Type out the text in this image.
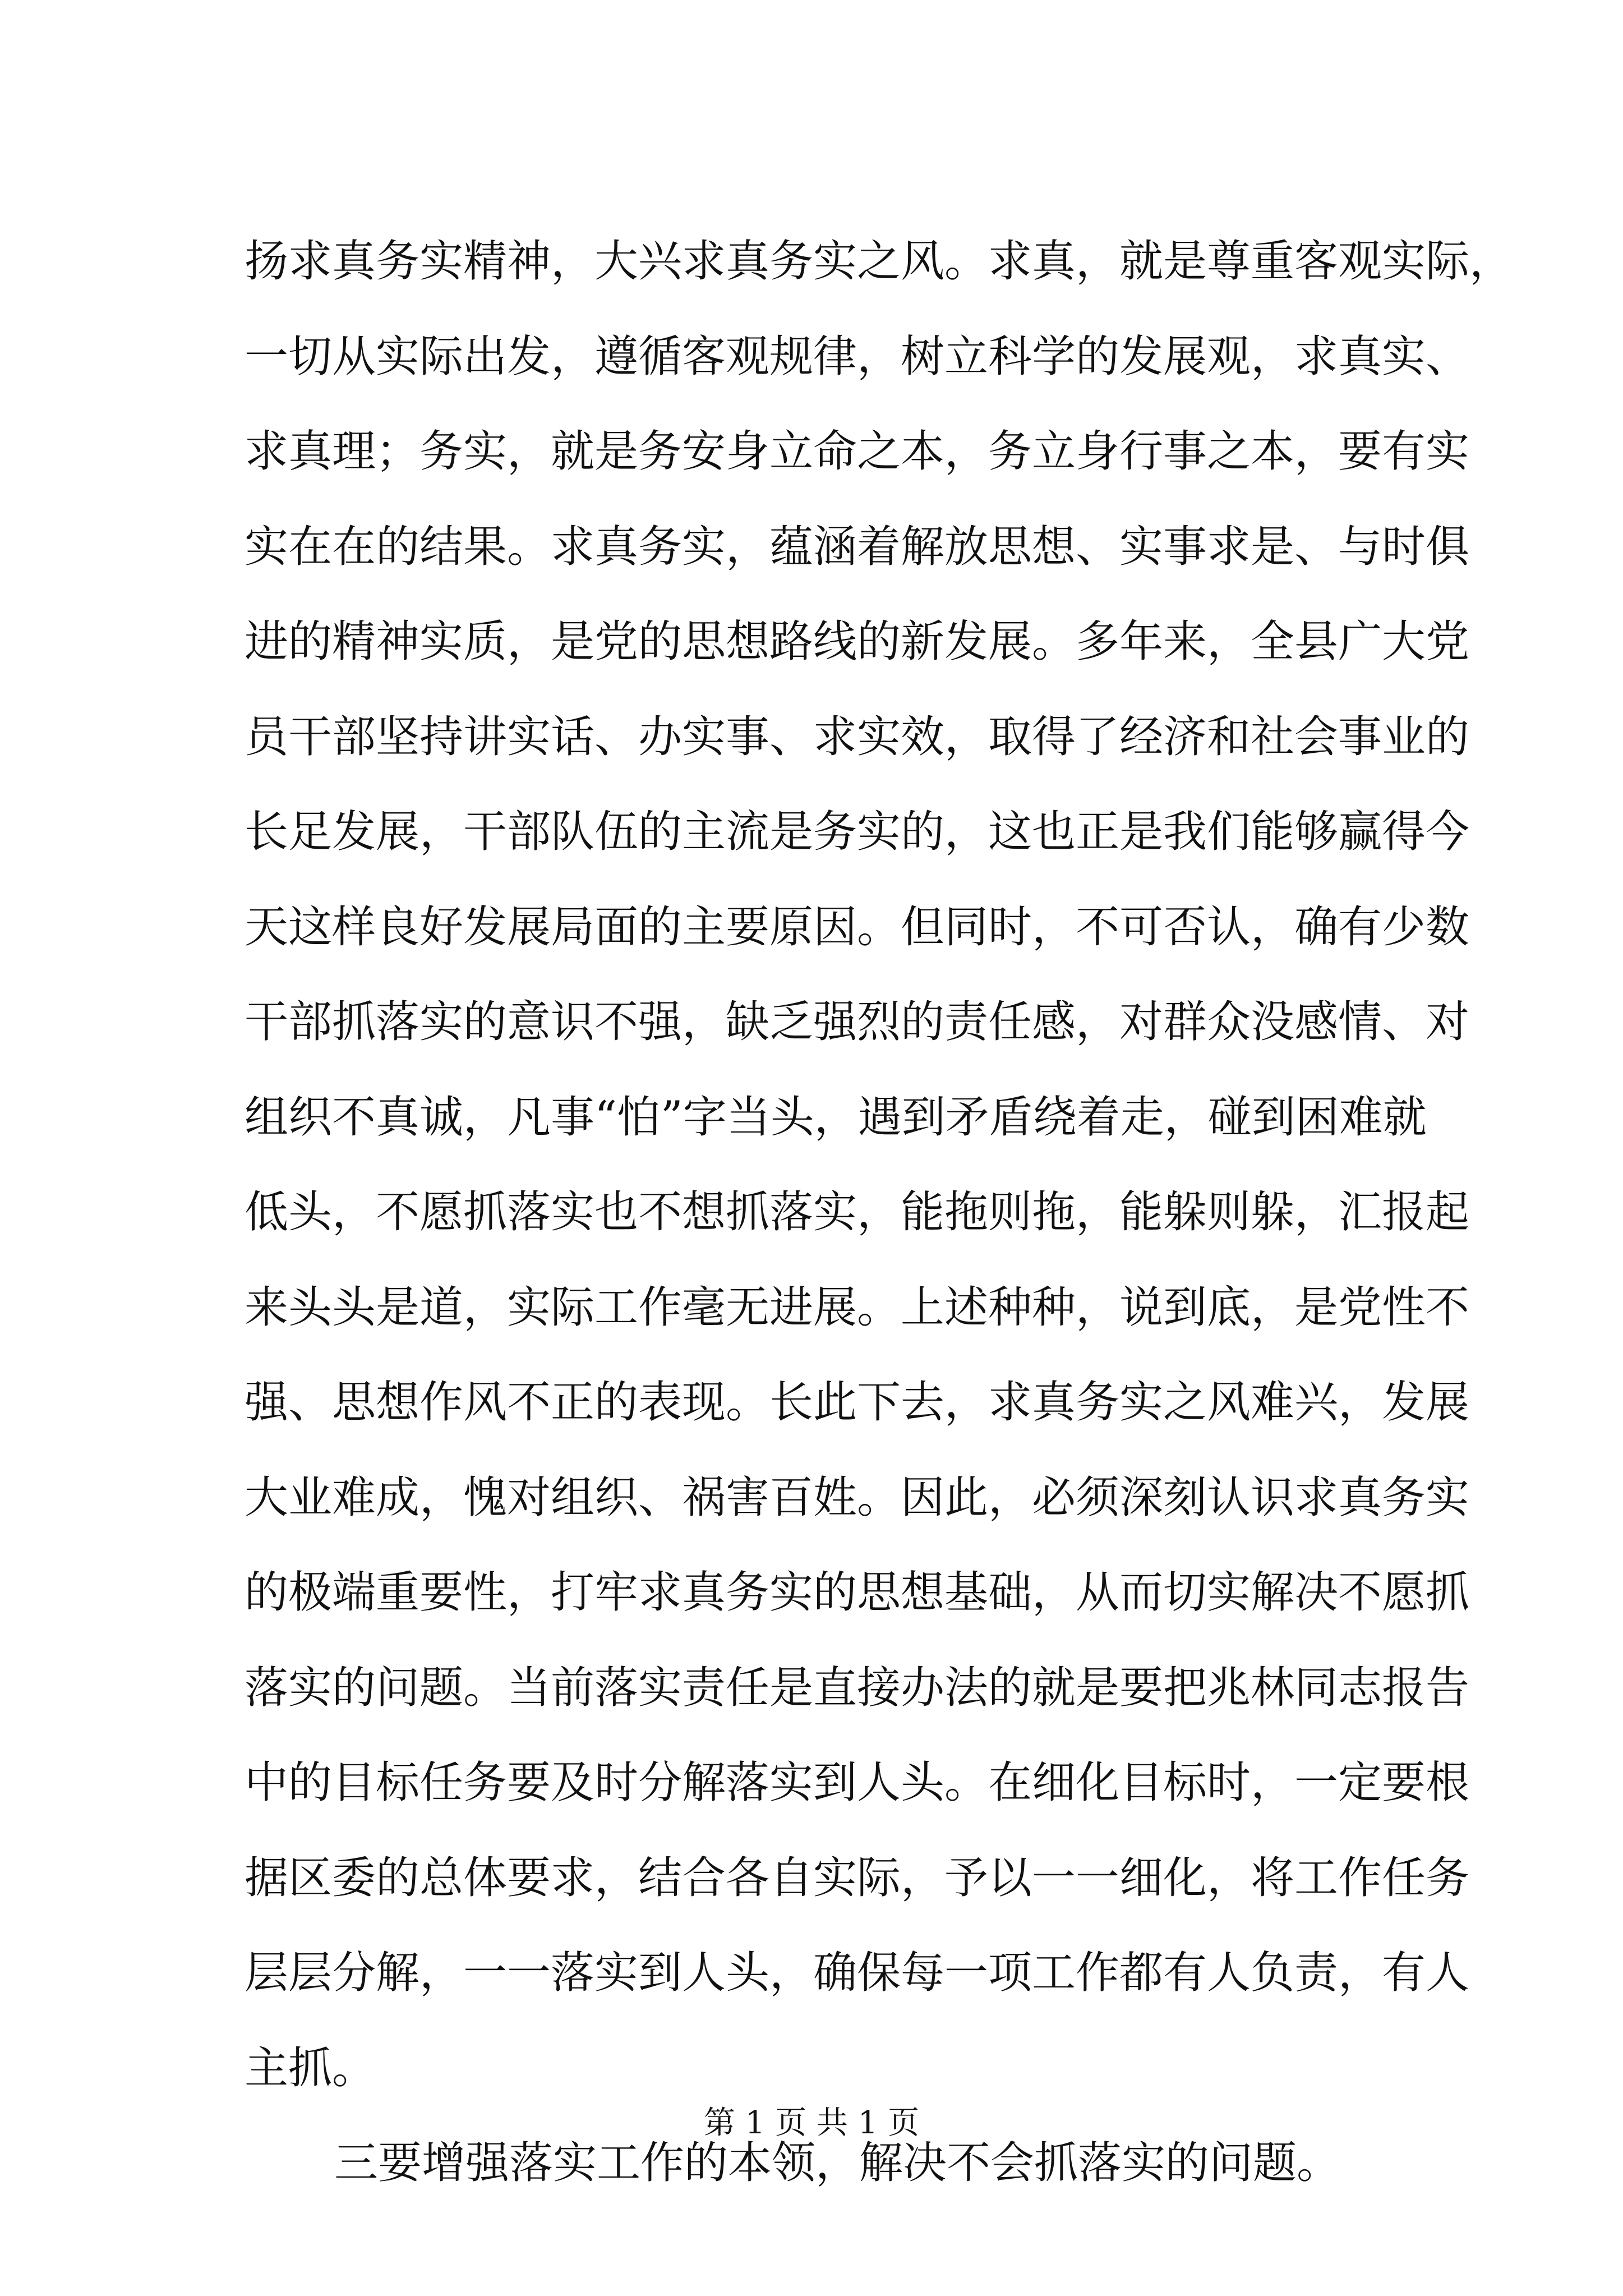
扬求真务实精神，大兴求真务实之风。求真，就是尊重客观实际，
一切从实际出发，遵循客观规律，树立科学的发展观，求真实、
求真理；务实，就是务安身立命之本，务立身行事之本，要有实
实在在的结果。求真务实，蕴涵着解放思想、实事求是、与时俱
进的精神实质，是党的思想路线的新发展。多年来，全县广大党
员干部坚持讲实话、办实事、求实效，取得了经济和社会事业的
长足发展，干部队伍的主流是务实的，这也正是我们能够赢得今
天这样良好发展局面的主要原因。但同时，不可否认，确有少数
干部抓落实的意识不强，缺乏强烈的责任感，对群众没感情、对
组织不真诚，凡事“怕”字当头，遇到矛盾绕着走，碰到困难就
低头，不愿抓落实也不想抓落实，能拖则拖，能躲则躲，汇报起
来头头是道，实际工作毫无进展。上述种种，说到底，是党性不
强、思想作风不正的表现。长此下去，求真务实之风难兴，发展
大业难成，愧对组织、祸害百姓。因此，必须深刻认识求真务实
的极端重要性，打牢求真务实的思想基础，从而切实解决不愿抓
落实的问题。当前落实责任是直接办法的就是要把兆林同志报告
中的目标任务要及时分解落实到人头。在细化目标时，一定要根
据区委的总体要求，结合各自实际，予以一一细化，将工作任务
层层分解，一一落实到人头，确保每一项工作都有人负责，有人
主抓。
三要增强落实工作的本领，解决不会抓落实的问题。
第 1 页 共 1 页
